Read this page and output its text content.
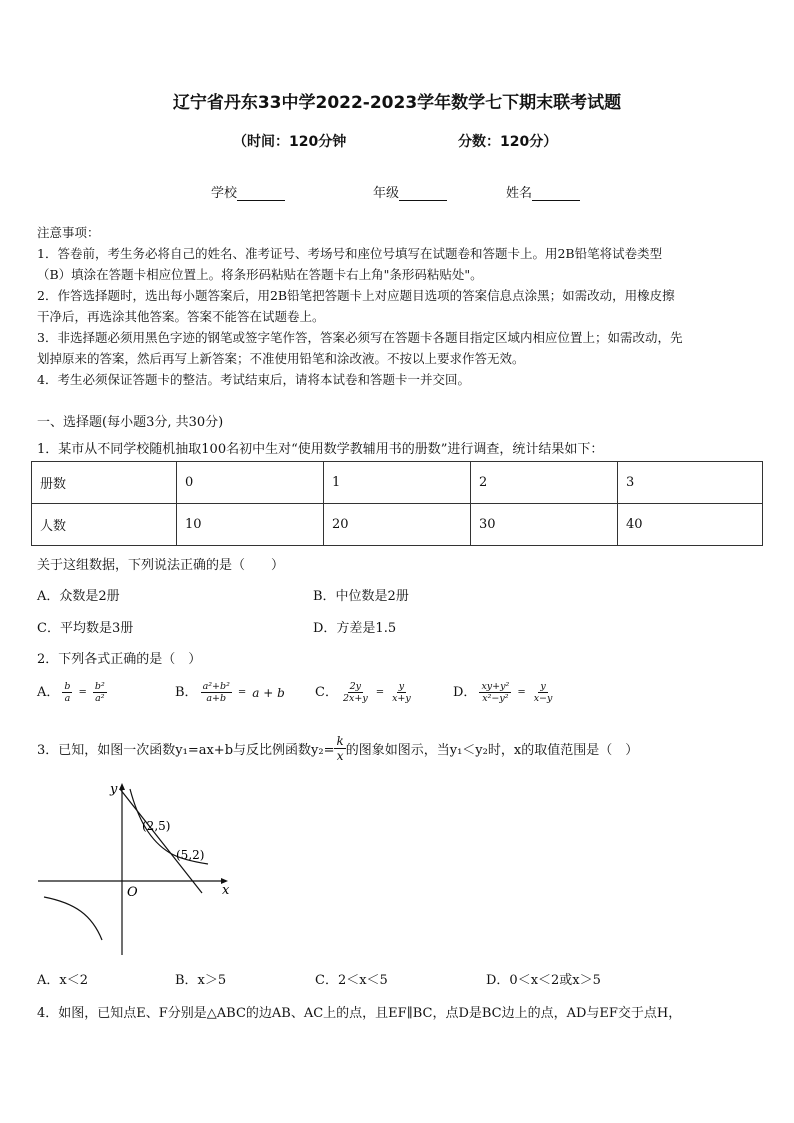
辽宁省丹东33中学2022-2023学年数学七下期末联考试题
（时间：120分钟	分数：120分）
学校	年级	姓名
注意事项：
1．答卷前，考生务必将自己的姓名、准考证号、考场号和座位号填写在试题卷和答题卡上。用2B铅笔将试卷类型
（B）填涂在答题卡相应位置上。将条形码粘贴在答题卡右上角"条形码粘贴处"。
2．作答选择题时，选出每小题答案后，用2B铅笔把答题卡上对应题目选项的答案信息点涂黑；如需改动，用橡皮擦
干净后，再选涂其他答案。答案不能答在试题卷上。
3．非选择题必须用黑色字迹的钢笔或签字笔作答，答案必须写在答题卡各题目指定区域内相应位置上；如需改动，先
划掉原来的答案，然后再写上新答案；不准使用铅笔和涂改液。不按以上要求作答无效。
4．考生必须保证答题卡的整洁。考试结束后，请将本试卷和答题卡一并交回。
一、选择题(每小题3分, 共30分)
1．某市从不同学校随机抽取100名初中生对“使用数学教辅用书的册数”进行调查，统计结果如下：
册数	0	1	2	3
人数	10	20	30	40
关于这组数据，下列说法正确的是（　　）
A．众数是2册	B．中位数是2册
C．平均数是3册	D．方差是1.5
2．下列各式正确的是（　）
A． $\frac{b}{a} = \frac{\text{b²}}{\text{a²}}$	B． $\frac{\text{a²+b²}}{a+b} = a + b$ C． $\frac{2y}{2x+y} = \frac{y}{x+y}$	D． $\frac{\text{xy+y²}}{\text{x²−y²}} = \frac{y}{x-y}$
3．已知，如图一次函数y₁=ax+b与反比例函数$y_2= \frac{k}{x}$ 的图象如图示，当y₁＜y₂时，x的取值范围是（　）
y
x
O
(2,5)
(5,2)
A．x＜2	B．x＞5	C．2＜x＜5	D．0＜x＜2或x＞5
4．如图，已知点E、F分别是△ABC的边AB、AC上的点，且EF∥BC，点D是BC边上的点，AD与EF交于点H，
